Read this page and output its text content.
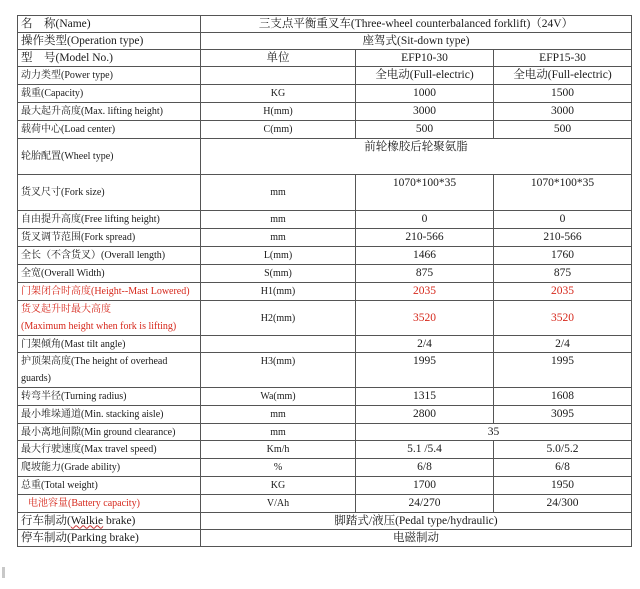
名    称(Name)	三支点平衡重叉车(Three-wheel counterbalanced forklift)（24V）		
操作类型(Operation type)	座驾式(Sit-down type)		
型    号(Model No.)	单位	EFP10-30	EFP15-30
动力类型(Power type)		全电动(Full-electric)	全电动(Full-electric)
载重(Capacity)	KG	1000	1500
最大起升高度(Max. lifting height)	H(mm)	3000	3000
载荷中心(Load center)	C(mm)	500	500
轮胎配置(Wheel type)	前轮橡胶后轮聚氨脂		
货叉尺寸(Fork size)	mm	1070*100*35	1070*100*35
自由提升高度(Free lifting height)	mm	0	0
货叉调节范围(Fork spread)	mm	210-566	210-566
全长（不含货叉）(Overall length)	L(mm)	1466	1760
全宽(Overall Width)	S(mm)	875	875
门架闭合时高度(Height--Mast Lowered)	H1(mm)	2035	2035

货叉起升时最大高度
(Maximum height when fork is lifting)	H2(mm)	3520	3520
门架倾角(Mast tilt angle)		2/4	2/4

护顶架高度(The height of overhead
guards)	H3(mm)	1995	1995
转弯半径(Turning radius)	Wa(mm)	1315	1608
最小堆垛通道(Min. stacking aisle)	mm	2800	3095
最小离地间隙(Min ground clearance)	mm	35	
最大行驶速度(Max travel speed)	Km/h	5.1 /5.4	5.0/5.2
爬坡能力(Grade ability)	%	6/8	6/8
总重(Total weight)	KG	1700	1950
电池容量(Battery capacity)	V/Ah	24/270	24/300
行车制动(Walkie brake)	脚踏式/液压(Pedal type/hydraulic)		
停车制动(Parking brake)	电磁制动		
